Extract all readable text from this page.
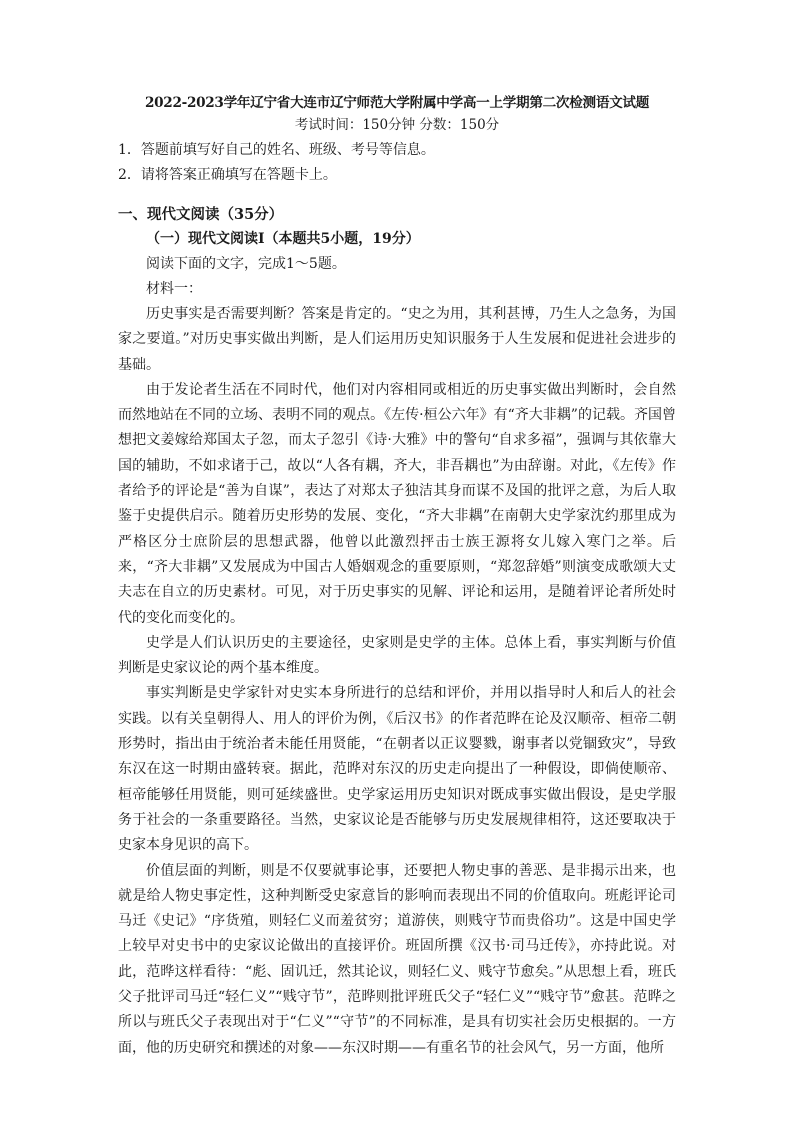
2022-2023学年辽宁省大连市辽宁师范大学附属中学高一上学期第二次检测语文试题

考试时间：150分钟 分数：150分

1．答题前填写好自己的姓名、班级、考号等信息。

2．请将答案正确填写在答题卡上。

一、现代文阅读（35分）

（一）现代文阅读Ⅰ（本题共5小题，19分）

阅读下面的文字，完成1～5题。

材料一：

历史事实是否需要判断？答案是肯定的。“史之为用，其利甚博，乃生人之急务，为国家之要道。”对历史事实做出判断，是人们运用历史知识服务于人生发展和促进社会进步的基础。

由于发论者生活在不同时代，他们对内容相同或相近的历史事实做出判断时，会自然而然地站在不同的立场、表明不同的观点。《左传·桓公六年》有“齐大非耦”的记载。齐国曾想把文姜嫁给郑国太子忽，而太子忽引《诗·大雅》中的警句“自求多福”，强调与其依靠大国的辅助，不如求诸于己，故以“人各有耦，齐大，非吾耦也”为由辞谢。对此，《左传》作者给予的评论是“善为自谋”，表达了对郑太子独洁其身而谋不及国的批评之意，为后人取鉴于史提供启示。随着历史形势的发展、变化，“齐大非耦”在南朝大史学家沈约那里成为严格区分士庶阶层的思想武器，他曾以此激烈抨击士族王源将女儿嫁入寒门之举。后来，“齐大非耦”又发展成为中国古人婚姻观念的重要原则，“郑忽辞婚”则演变成歌颂大丈夫志在自立的历史素材。可见，对于历史事实的见解、评论和运用，是随着评论者所处时代的变化而变化的。

史学是人们认识历史的主要途径，史家则是史学的主体。总体上看，事实判断与价值判断是史家议论的两个基本维度。

事实判断是史学家针对史实本身所进行的总结和评价，并用以指导时人和后人的社会实践。以有关皇朝得人、用人的评价为例，《后汉书》的作者范晔在论及汉顺帝、桓帝二朝形势时，指出由于统治者未能任用贤能，“在朝者以正议婴戮，谢事者以党锢致灾”，导致东汉在这一时期由盛转衰。据此，范晔对东汉的历史走向提出了一种假设，即倘使顺帝、桓帝能够任用贤能，则可延续盛世。史学家运用历史知识对既成事实做出假设，是史学服务于社会的一条重要路径。当然，史家议论是否能够与历史发展规律相符，这还要取决于史家本身见识的高下。

价值层面的判断，则是不仅要就事论事，还要把人物史事的善恶、是非揭示出来，也就是给人物史事定性，这种判断受史家意旨的影响而表现出不同的价值取向。班彪评论司马迁《史记》“序货殖，则轻仁义而羞贫穷；道游侠，则贱守节而贵俗功”。这是中国史学上较早对史书中的史家议论做出的直接评价。班固所撰《汉书·司马迁传》，亦持此说。对此，范晔这样看待：“彪、固讥迁，然其论议，则轻仁义、贱守节愈矣。”从思想上看，班氏父子批评司马迁“轻仁义”“贱守节”，范晔则批评班氏父子“轻仁义”“贱守节”愈甚。范晔之所以与班氏父子表现出对于“仁义”“守节”的不同标准，是具有切实社会历史根据的。一方面，他的历史研究和撰述的对象——东汉时期——有重名节的社会风气，另一方面，他所
